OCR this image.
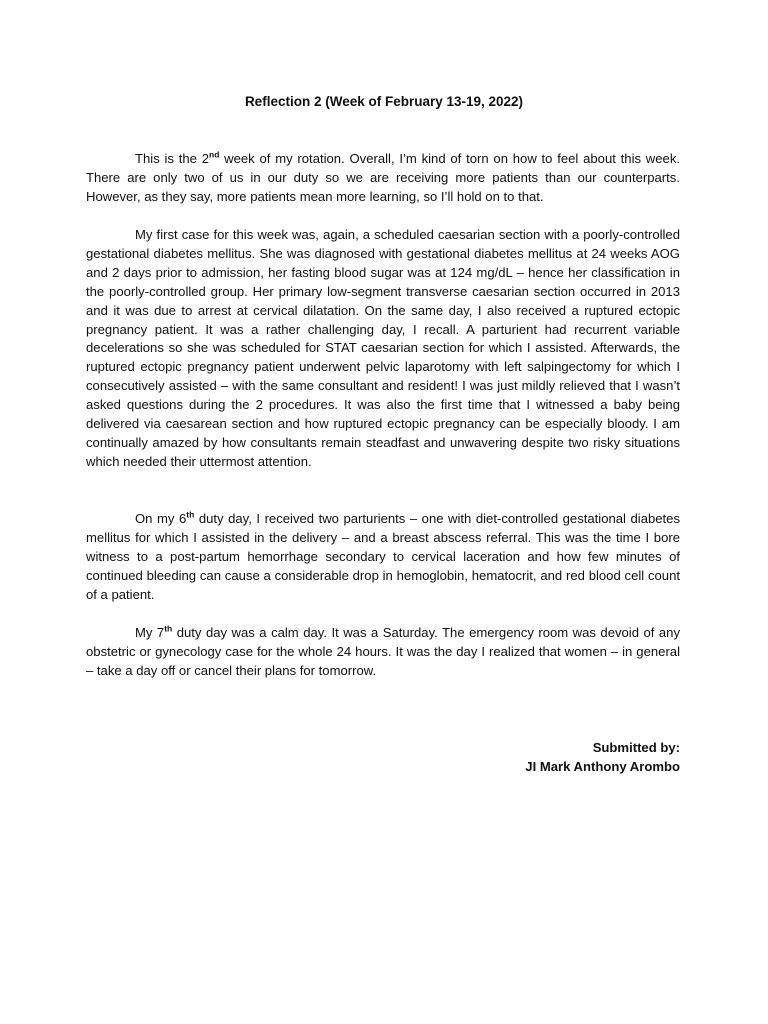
Reflection 2 (Week of February 13-19, 2022)

This is the 2nd week of my rotation. Overall, I’m kind of torn on how to feel about this week. There are only two of us in our duty so we are receiving more patients than our counterparts. However, as they say, more patients mean more learning, so I’ll hold on to that.

My first case for this week was, again, a scheduled caesarian section with a poorly-controlled gestational diabetes mellitus. She was diagnosed with gestational diabetes mellitus at 24 weeks AOG and 2 days prior to admission, her fasting blood sugar was at 124 mg/dL – hence her classification in the poorly-controlled group. Her primary low-segment transverse caesarian section occurred in 2013 and it was due to arrest at cervical dilatation. On the same day, I also received a ruptured ectopic pregnancy patient. It was a rather challenging day, I recall. A parturient had recurrent variable decelerations so she was scheduled for STAT caesarian section for which I assisted. Afterwards, the ruptured ectopic pregnancy patient underwent pelvic laparotomy with left salpingectomy for which I consecutively assisted – with the same consultant and resident! I was just mildly relieved that I wasn’t asked questions during the 2 procedures. It was also the first time that I witnessed a baby being delivered via caesarean section and how ruptured ectopic pregnancy can be especially bloody. I am continually amazed by how consultants remain steadfast and unwavering despite two risky situations which needed their uttermost attention.

On my 6th duty day, I received two parturients – one with diet-controlled gestational diabetes mellitus for which I assisted in the delivery – and a breast abscess referral. This was the time I bore witness to a post-partum hemorrhage secondary to cervical laceration and how few minutes of continued bleeding can cause a considerable drop in hemoglobin, hematocrit, and red blood cell count of a patient.

My 7th duty day was a calm day. It was a Saturday. The emergency room was devoid of any obstetric or gynecology case for the whole 24 hours. It was the day I realized that women – in general – take a day off or cancel their plans for tomorrow.

Submitted by:
JI Mark Anthony Arombo
